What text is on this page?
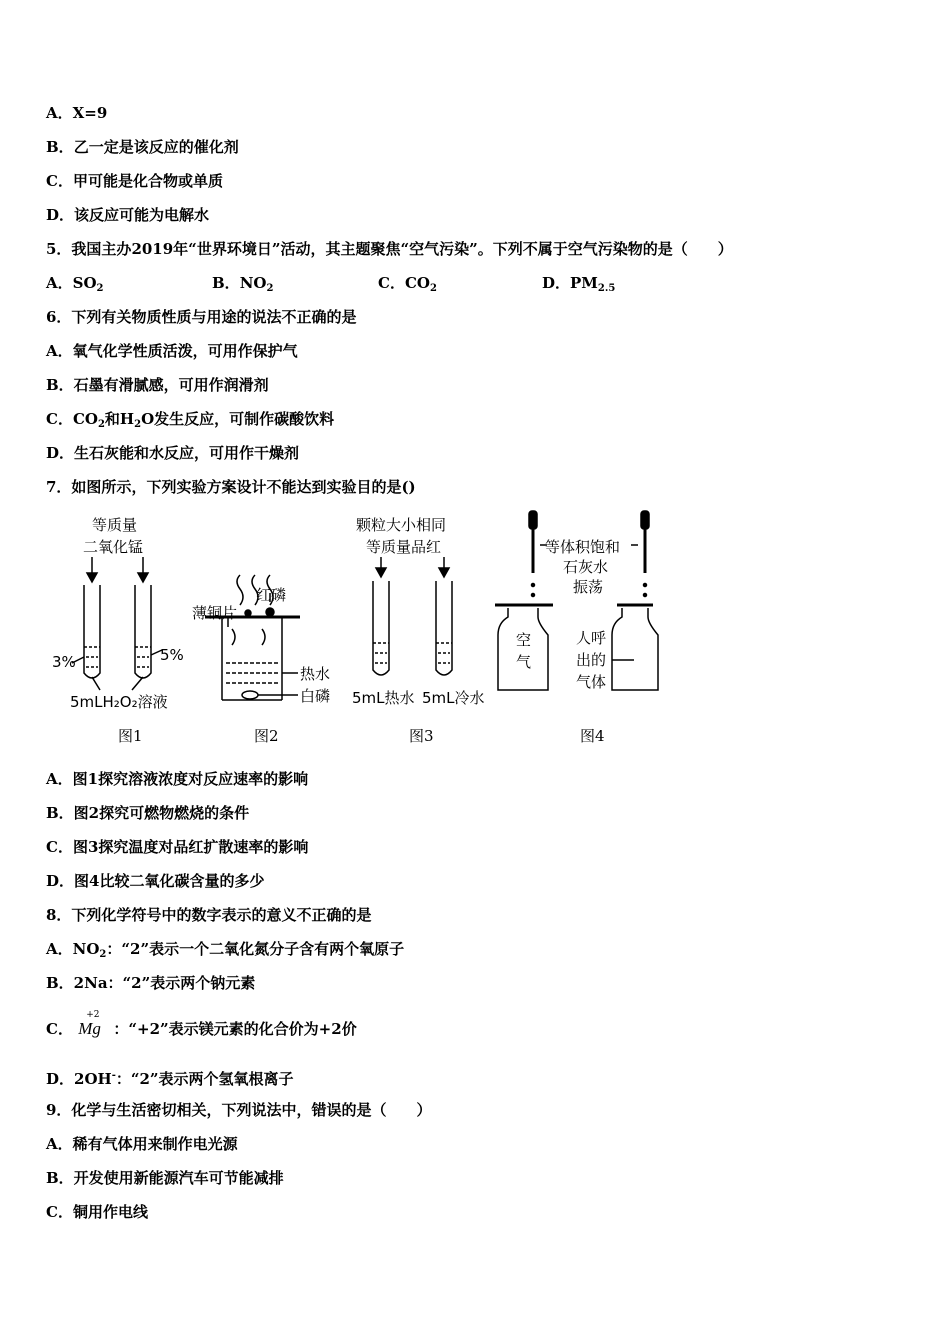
A．X=9
B．乙一定是该反应的催化剂
C．甲可能是化合物或单质
D．该反应可能为电解水
5．我国主办2019年“世界环境日”活动，其主题聚焦“空气污染”。下列不属于空气污染物的是（　　）
A．$SO_2$	B．$NO_2$	C．$CO_2$	D．$PM_{2.5}$
6．下列有关物质性质与用途的说法不正确的是
A．氧气化学性质活泼，可用作保护气
B．石墨有滑腻感，可用作润滑剂
C．$CO_2$和$H_2O$发生反应，可制作碳酸饮料
D．生石灰能和水反应，可用作干燥剂
7．如图所示，下列实验方案设计不能达到实验目的是()
等质量
二氧化锰
3%	5%
5mLH₂O₂溶液
图1
薄铜片
红磷
热水
白磷
图2
颗粒大小相同
等质量品红
5mL热水 5mL冷水
图3
等体积饱和
石灰水
振荡
空
气
人呼
出的
气体
图4
A．图1探究溶液浓度对反应速率的影响
B．图2探究可燃物燃烧的条件
C．图3探究温度对品红扩散速率的影响
D．图4比较二氧化碳含量的多少
8．下列化学符号中的数字表示的意义不正确的是
A．$NO_2$：“2”表示一个二氧化氮分子含有两个氧原子
B．2Na：“2”表示两个钠元素
C．
+2
Mg ：“+2”表示镁元素的化合价为+2价
D．2OH-：“2”表示两个氢氧根离子
9．化学与生活密切相关，下列说法中，错误的是（　　）
A．稀有气体用来制作电光源
B．开发使用新能源汽车可节能减排
C．铜用作电线
